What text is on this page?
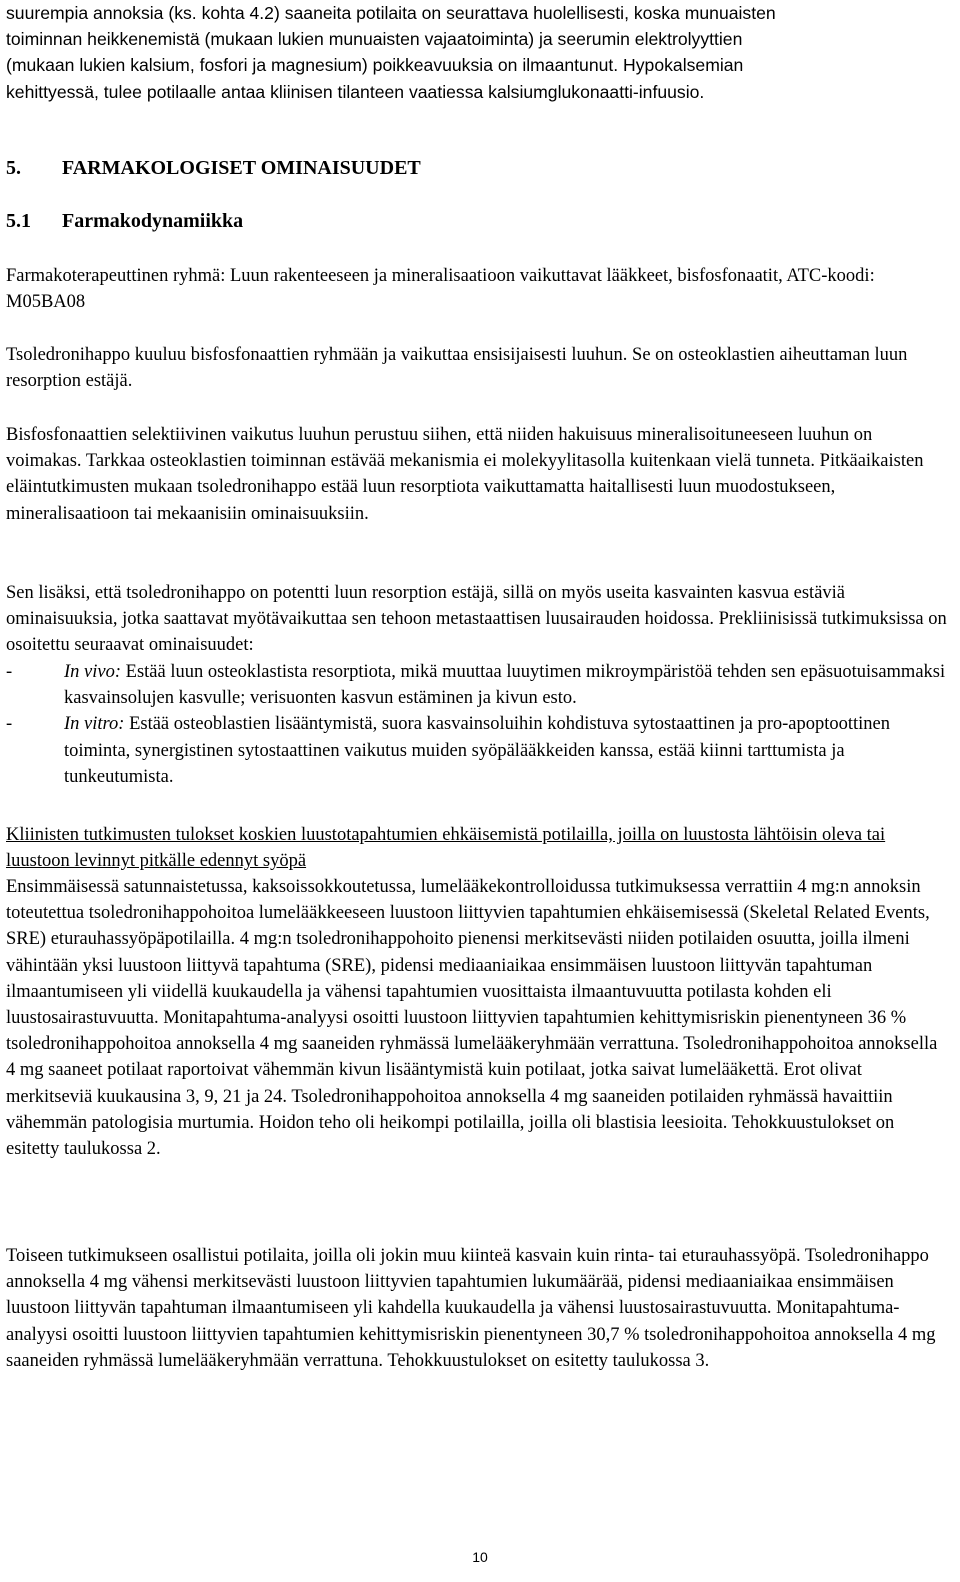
suurempia annoksia (ks. kohta 4.2) saaneita potilaita on seurattava huolellisesti, koska munuaisten
toiminnan heikkenemistä (mukaan lukien munuaisten vajaatoiminta) ja seerumin elektrolyyttien
(mukaan lukien kalsium, fosfori ja magnesium) poikkeavuuksia on ilmaantunut. Hypokalsemian
kehittyessä, tulee potilaalle antaa kliinisen tilanteen vaatiessa kalsiumglukonaatti-infuusio.
5. FARMAKOLOGISET OMINAISUUDET
5.1 Farmakodynamiikka

Farmakoterapeuttinen ryhmä: Luun rakenteeseen ja mineralisaatioon vaikuttavat lääkkeet, bisfosfonaatit, ATC-koodi: M05BA08

Tsoledronihappo kuuluu bisfosfonaattien ryhmään ja vaikuttaa ensisijaisesti luuhun. Se on osteoklastien aiheuttaman luun resorption estäjä.

Bisfosfonaattien selektiivinen vaikutus luuhun perustuu siihen, että niiden hakuisuus mineralisoituneeseen luuhun on voimakas. Tarkkaa osteoklastien toiminnan estävää mekanismia ei molekyylitasolla kuitenkaan vielä tunneta. Pitkäaikaisten eläintutkimusten mukaan tsoledronihappo estää luun resorptiota vaikuttamatta haitallisesti luun muodostukseen, mineralisaatioon tai mekaanisiin ominaisuuksiin.

Sen lisäksi, että tsoledronihappo on potentti luun resorption estäjä, sillä on myös useita kasvainten kasvua estäviä ominaisuuksia, jotka saattavat myötävaikuttaa sen tehoon metastaattisen luusairauden hoidossa. Prekliinisissä tutkimuksissa on osoitettu seuraavat ominaisuudet:

-	In vivo: Estää luun osteoklastista resorptiota, mikä muuttaa luuytimen mikroympäristöä tehden sen epäsuotuisammaksi kasvainsolujen kasvulle; verisuonten kasvun estäminen ja kivun esto.
-	In vitro: Estää osteoblastien lisääntymistä, suora kasvainsoluihin kohdistuva sytostaattinen ja pro-apoptoottinen toiminta, synergistinen sytostaattinen vaikutus muiden syöpälääkkeiden kanssa, estää kiinni tarttumista ja tunkeutumista.

Kliinisten tutkimusten tulokset koskien luustotapahtumien ehkäisemistä potilailla, joilla on luustosta lähtöisin oleva tai luustoon levinnyt pitkälle edennyt syöpä

Ensimmäisessä satunnaistetussa, kaksoissokkoutetussa, lumelääkekontrolloidussa tutkimuksessa verrattiin 4 mg:n annoksin toteutettua tsoledronihappohoitoa lumelääkkeeseen luustoon liittyvien tapahtumien ehkäisemisessä (Skeletal Related Events, SRE) eturauhassyöpäpotilailla. 4 mg:n tsoledronihappohoito pienensi merkitsevästi niiden potilaiden osuutta, joilla ilmeni vähintään yksi luustoon liittyvä tapahtuma (SRE), pidensi mediaaniaikaa ensimmäisen luustoon liittyvän tapahtuman ilmaantumiseen yli viidellä kuukaudella ja vähensi tapahtumien vuosittaista ilmaantuvuutta potilasta kohden eli luustosairastuvuutta. Monitapahtuma-analyysi osoitti luustoon liittyvien tapahtumien kehittymisriskin pienentyneen 36 % tsoledronihappohoitoa annoksella 4 mg saaneiden ryhmässä lumelääkeryhmään verrattuna. Tsoledronihappohoitoa annoksella 4 mg saaneet potilaat raportoivat vähemmän kivun lisääntymistä kuin potilaat, jotka saivat lumelääkettä. Erot olivat merkitseviä kuukausina 3, 9, 21 ja 24. Tsoledronihappohoitoa annoksella 4 mg saaneiden potilaiden ryhmässä havaittiin vähemmän patologisia murtumia. Hoidon teho oli heikompi potilailla, joilla oli blastisia leesioita. Tehokkuustulokset on esitetty taulukossa 2.

Toiseen tutkimukseen osallistui potilaita, joilla oli jokin muu kiinteä kasvain kuin rinta- tai eturauhassyöpä. Tsoledronihappo annoksella 4 mg vähensi merkitsevästi luustoon liittyvien tapahtumien lukumäärää, pidensi mediaaniaikaa ensimmäisen luustoon liittyvän tapahtuman ilmaantumiseen yli kahdella kuukaudella ja vähensi luustosairastuvuutta. Monitapahtuma-analyysi osoitti luustoon liittyvien tapahtumien kehittymisriskin pienentyneen 30,7 % tsoledronihappohoitoa annoksella 4 mg saaneiden ryhmässä lumelääkeryhmään verrattuna. Tehokkuustulokset on esitetty taulukossa 3.

10
